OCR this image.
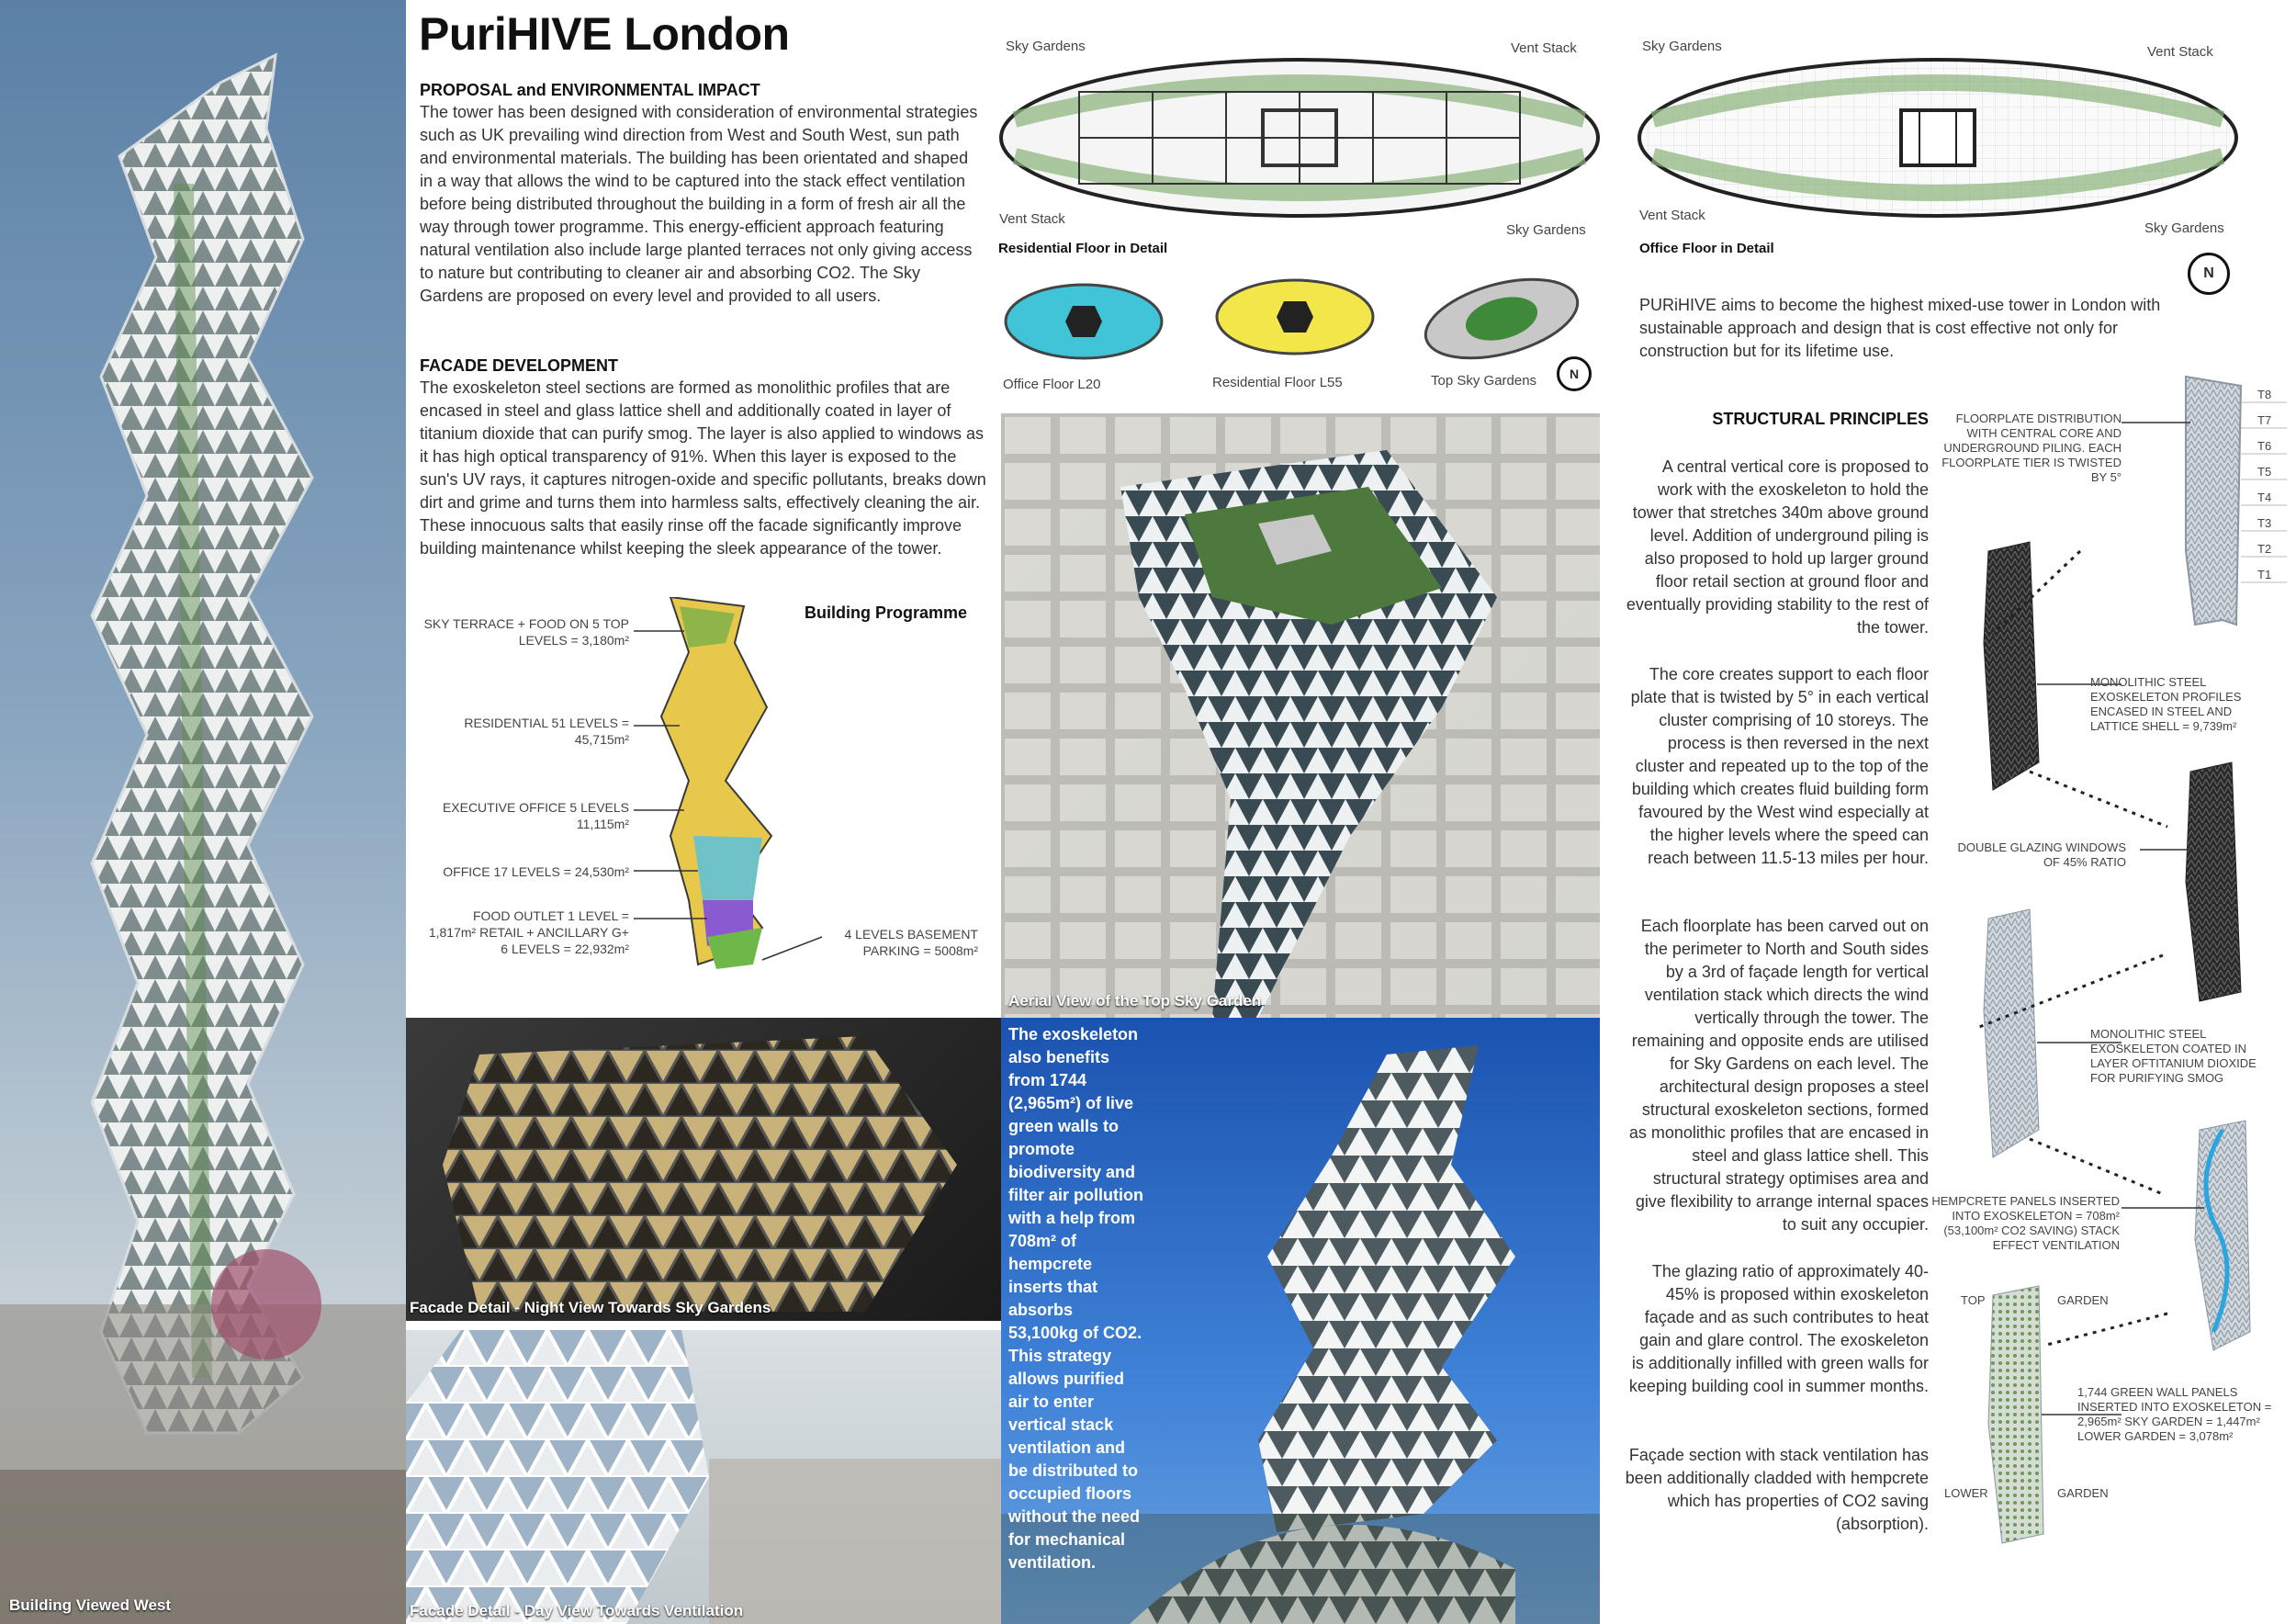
Building Viewed West
PuriHIVE London
PROPOSAL and ENVIRONMENTAL IMPACT
The tower has been designed with consideration of environmental strategies such as UK prevailing wind direction from West and South West, sun path and environmental materials. The building has been orientated and shaped in a way that allows the wind to be captured into the stack effect ventilation before being distributed throughout the building in a form of fresh air all the way through tower programme. This energy-efficient approach featuring natural ventilation also include large planted terraces not only giving access to nature but contributing to cleaner air and absorbing CO2. The Sky Gardens are proposed on every level and provided to all users.
FACADE DEVELOPMENT
The exoskeleton steel sections are formed as monolithic profiles that are encased in steel and glass lattice shell and additionally coated in layer of titanium dioxide that can purify smog. The layer is also applied to windows as it has high optical transparency of 91%. When this layer is exposed to the sun's UV rays, it captures nitrogen-oxide and specific pollutants, breaks down dirt and grime and turns them into harmless salts, effectively cleaning the air. These innocuous salts that easily rinse off the facade significantly improve building maintenance whilst keeping the sleek appearance of the tower.
Building Programme
SKY TERRACE + FOOD ON 5 TOP LEVELS = 3,180m²
RESIDENTIAL 51 LEVELS = 45,715m²
EXECUTIVE OFFICE 5 LEVELS 11,115m²
OFFICE 17 LEVELS = 24,530m²
FOOD OUTLET 1 LEVEL = 1,817m² RETAIL + ANCILLARY G+ 6 LEVELS = 22,932m²
4 LEVELS BASEMENT PARKING = 5008m²
Facade Detail - Night View Towards Sky Gardens
Facade Detail - Day View Towards Ventilation
Sky Gardens	Vent Stack
Vent Stack
Sky Gardens
Residential Floor in Detail
Office Floor L20	Residential Floor L55	Top Sky Gardens	N
Aerial View of the Top Sky Garden
The exoskeleton also benefits from 1744 (2,965m²) of live green walls to promote biodiversity and filter air pollution with a help from 708m² of hempcrete inserts that absorbs 53,100kg of CO2. This strategy allows purified air to enter vertical stack ventilation and be distributed to occupied floors without the need for mechanical ventilation.
Sky Gardens	Vent Stack
Vent Stack
Sky Gardens
Office Floor in Detail
N
PURiHIVE aims to become the highest mixed-use tower in London with sustainable approach and design that is cost effective not only for construction but for its lifetime use.
STRUCTURAL PRINCIPLES
A central vertical core is proposed to work with the exoskeleton to hold the tower that stretches 340m above ground level. Addition of underground piling is also proposed to hold up larger ground floor retail section at ground floor and eventually providing stability to the rest of the tower.
The core creates support to each floor plate that is twisted by 5° in each vertical cluster comprising of 10 storeys. The process is then reversed in the next cluster and repeated up to the top of the building which creates fluid building form favoured by the West wind especially at the higher levels where the speed can reach between 11.5-13 miles per hour.
Each floorplate has been carved out on the perimeter to North and South sides by a 3rd of façade length for vertical ventilation stack which directs the wind vertically through the tower. The remaining and opposite ends are utilised for Sky Gardens on each level. The architectural design proposes a steel structural exoskeleton sections, formed as monolithic profiles that are encased in steel and glass lattice shell. This structural strategy optimises area and give flexibility to arrange internal spaces to suit any occupier.
The glazing ratio of approximately 40-45% is proposed within exoskeleton façade and as such contributes to heat gain and glare control. The exoskeleton is additionally infilled with green walls for keeping building cool in summer months.
Façade section with stack ventilation has been additionally cladded with hempcrete which has properties of CO2 saving (absorption).
FLOORPLATE DISTRIBUTION WITH CENTRAL CORE AND UNDERGROUND PILING. EACH FLOORPLATE TIER IS TWISTED BY 5°
T8
T7
T6
T5
T4
T3
T2
T1
MONOLITHIC STEEL EXOSKELETON PROFILES ENCASED IN STEEL AND LATTICE SHELL = 9,739m²
DOUBLE GLAZING WINDOWS OF 45% RATIO
MONOLITHIC STEEL EXOSKELETON COATED IN LAYER OFTITANIUM DIOXIDE FOR PURIFYING SMOG
HEMPCRETE PANELS INSERTED INTO EXOSKELETON = 708m² (53,100m² CO2 SAVING) STACK EFFECT VENTILATION
TOP	GARDEN
1,744 GREEN WALL PANELS INSERTED INTO EXOSKELETON = 2,965m² SKY GARDEN = 1,447m² LOWER GARDEN = 3,078m²
LOWER	GARDEN
